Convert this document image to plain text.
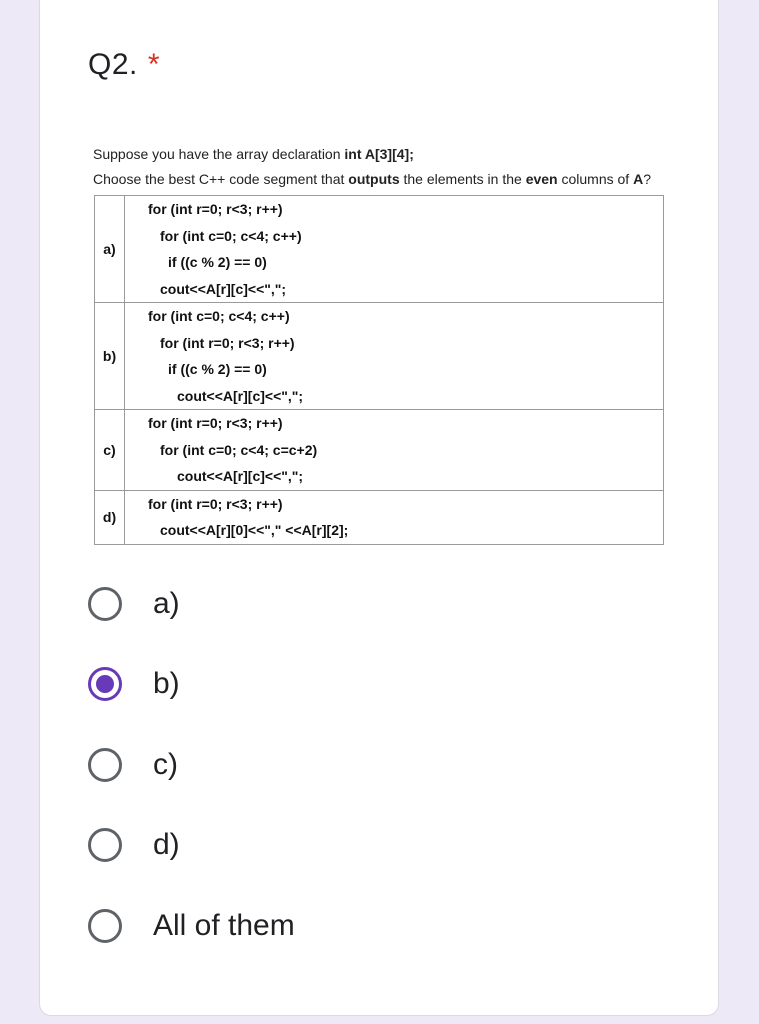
Q2. *
Suppose you have the array declaration int A[3][4];
Choose the best C++ code segment that outputs the elements in the even columns of A?
a)	for (int r=0; r<3; r++)
for (int c=0; c<4; c++)
if ((c % 2) == 0)
cout<<A[r][c]<<",";

b)	for (int c=0; c<4; c++)
for (int r=0; r<3; r++)
if ((c % 2) == 0)
cout<<A[r][c]<<",";

c)	for (int r=0; r<3; r++)
for (int c=0; c<4; c=c+2)
cout<<A[r][c]<<",";

d)	for (int r=0; r<3; r++)
cout<<A[r][0]<<"," <<A[r][2];
a)
b)
c)
d)
All of them
